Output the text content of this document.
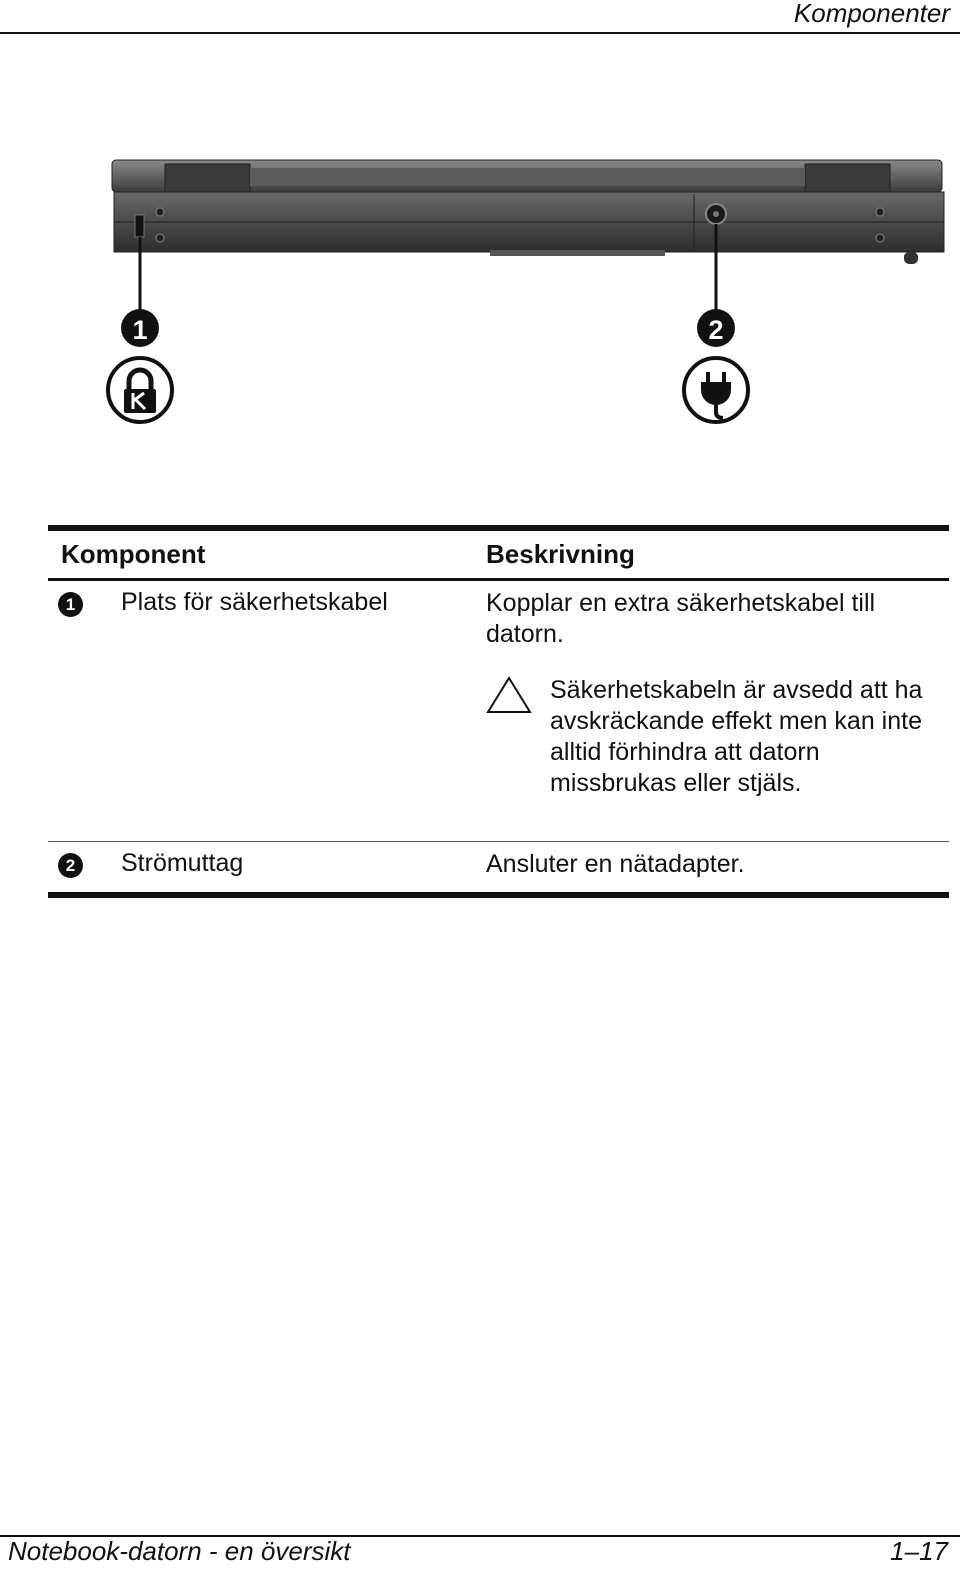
Komponenter
1	2
Komponent	Beskrivning
1	Plats för säkerhetskabel	Kopplar en extra säkerhetskabel till datorn.
Säkerhetskabeln är avsedd att ha avskräckande effekt men kan inte alltid förhindra att datorn missbrukas eller stjäls.
2	Strömuttag	Ansluter en nätadapter.
Notebook-datorn - en översikt	1–17
